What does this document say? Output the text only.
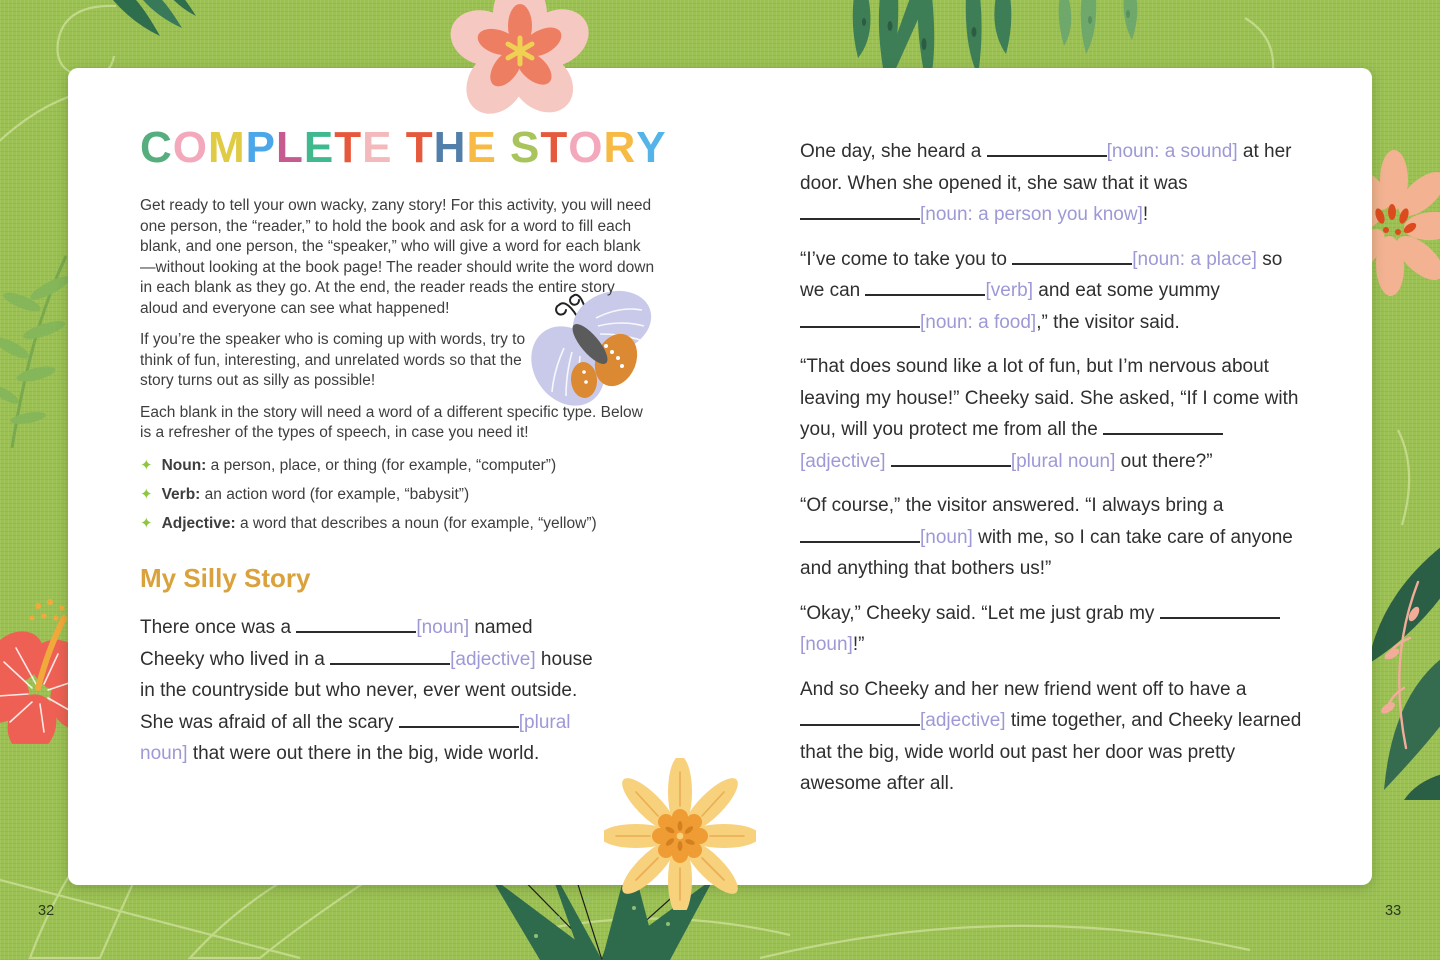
32	33
COMPLETE THE STORY

Get ready to tell your own wacky, zany story! For this activity, you will need one person, the “reader,” to hold the book and ask for a word to fill each blank, and one person, the “speaker,” who will give a word for each blank—without looking at the book page! The reader should write the word down in each blank as they go. At the end, the reader reads the entire story aloud and everyone can see what happened!

If you’re the speaker who is coming up with words, try to think of fun, interesting, and unrelated words so that the story turns out as silly as possible!

Each blank in the story will need a word of a different specific type. Below is a refresher of the types of speech, in case you need it!

✦ Noun: a person, place, or thing (for example, “computer”)
✦ Verb: an action word (for example, “babysit”)
✦ Adjective: a word that describes a noun (for example, “yellow”)
My Silly Story

There once was a	[noun] named Cheeky who lived in a	[adjective] house in the countryside but who never, ever went outside. She was afraid of all the scary	[plural noun] that were out there in the big, wide world.

One day, she heard a	[noun: a sound] at her door. When she opened it, she saw that it was [noun: a person you know]!

“I’ve come to take you to	[noun: a place] so we can	[verb] and eat some yummy [noun: a food],” the visitor said.

“That does sound like a lot of fun, but I’m nervous about leaving my house!” Cheeky said. She asked, “If I come with you, will you protect me from all the [adjective]	[plural noun] out there?”

“Of course,” the visitor answered. “I always bring a [noun] with me, so I can take care of anyone and anything that bothers us!”

“Okay,” Cheeky said. “Let me just grab my [noun]!”

And so Cheeky and her new friend went off to have a [adjective] time together, and Cheeky learned that the big, wide world out past her door was pretty awesome after all.
